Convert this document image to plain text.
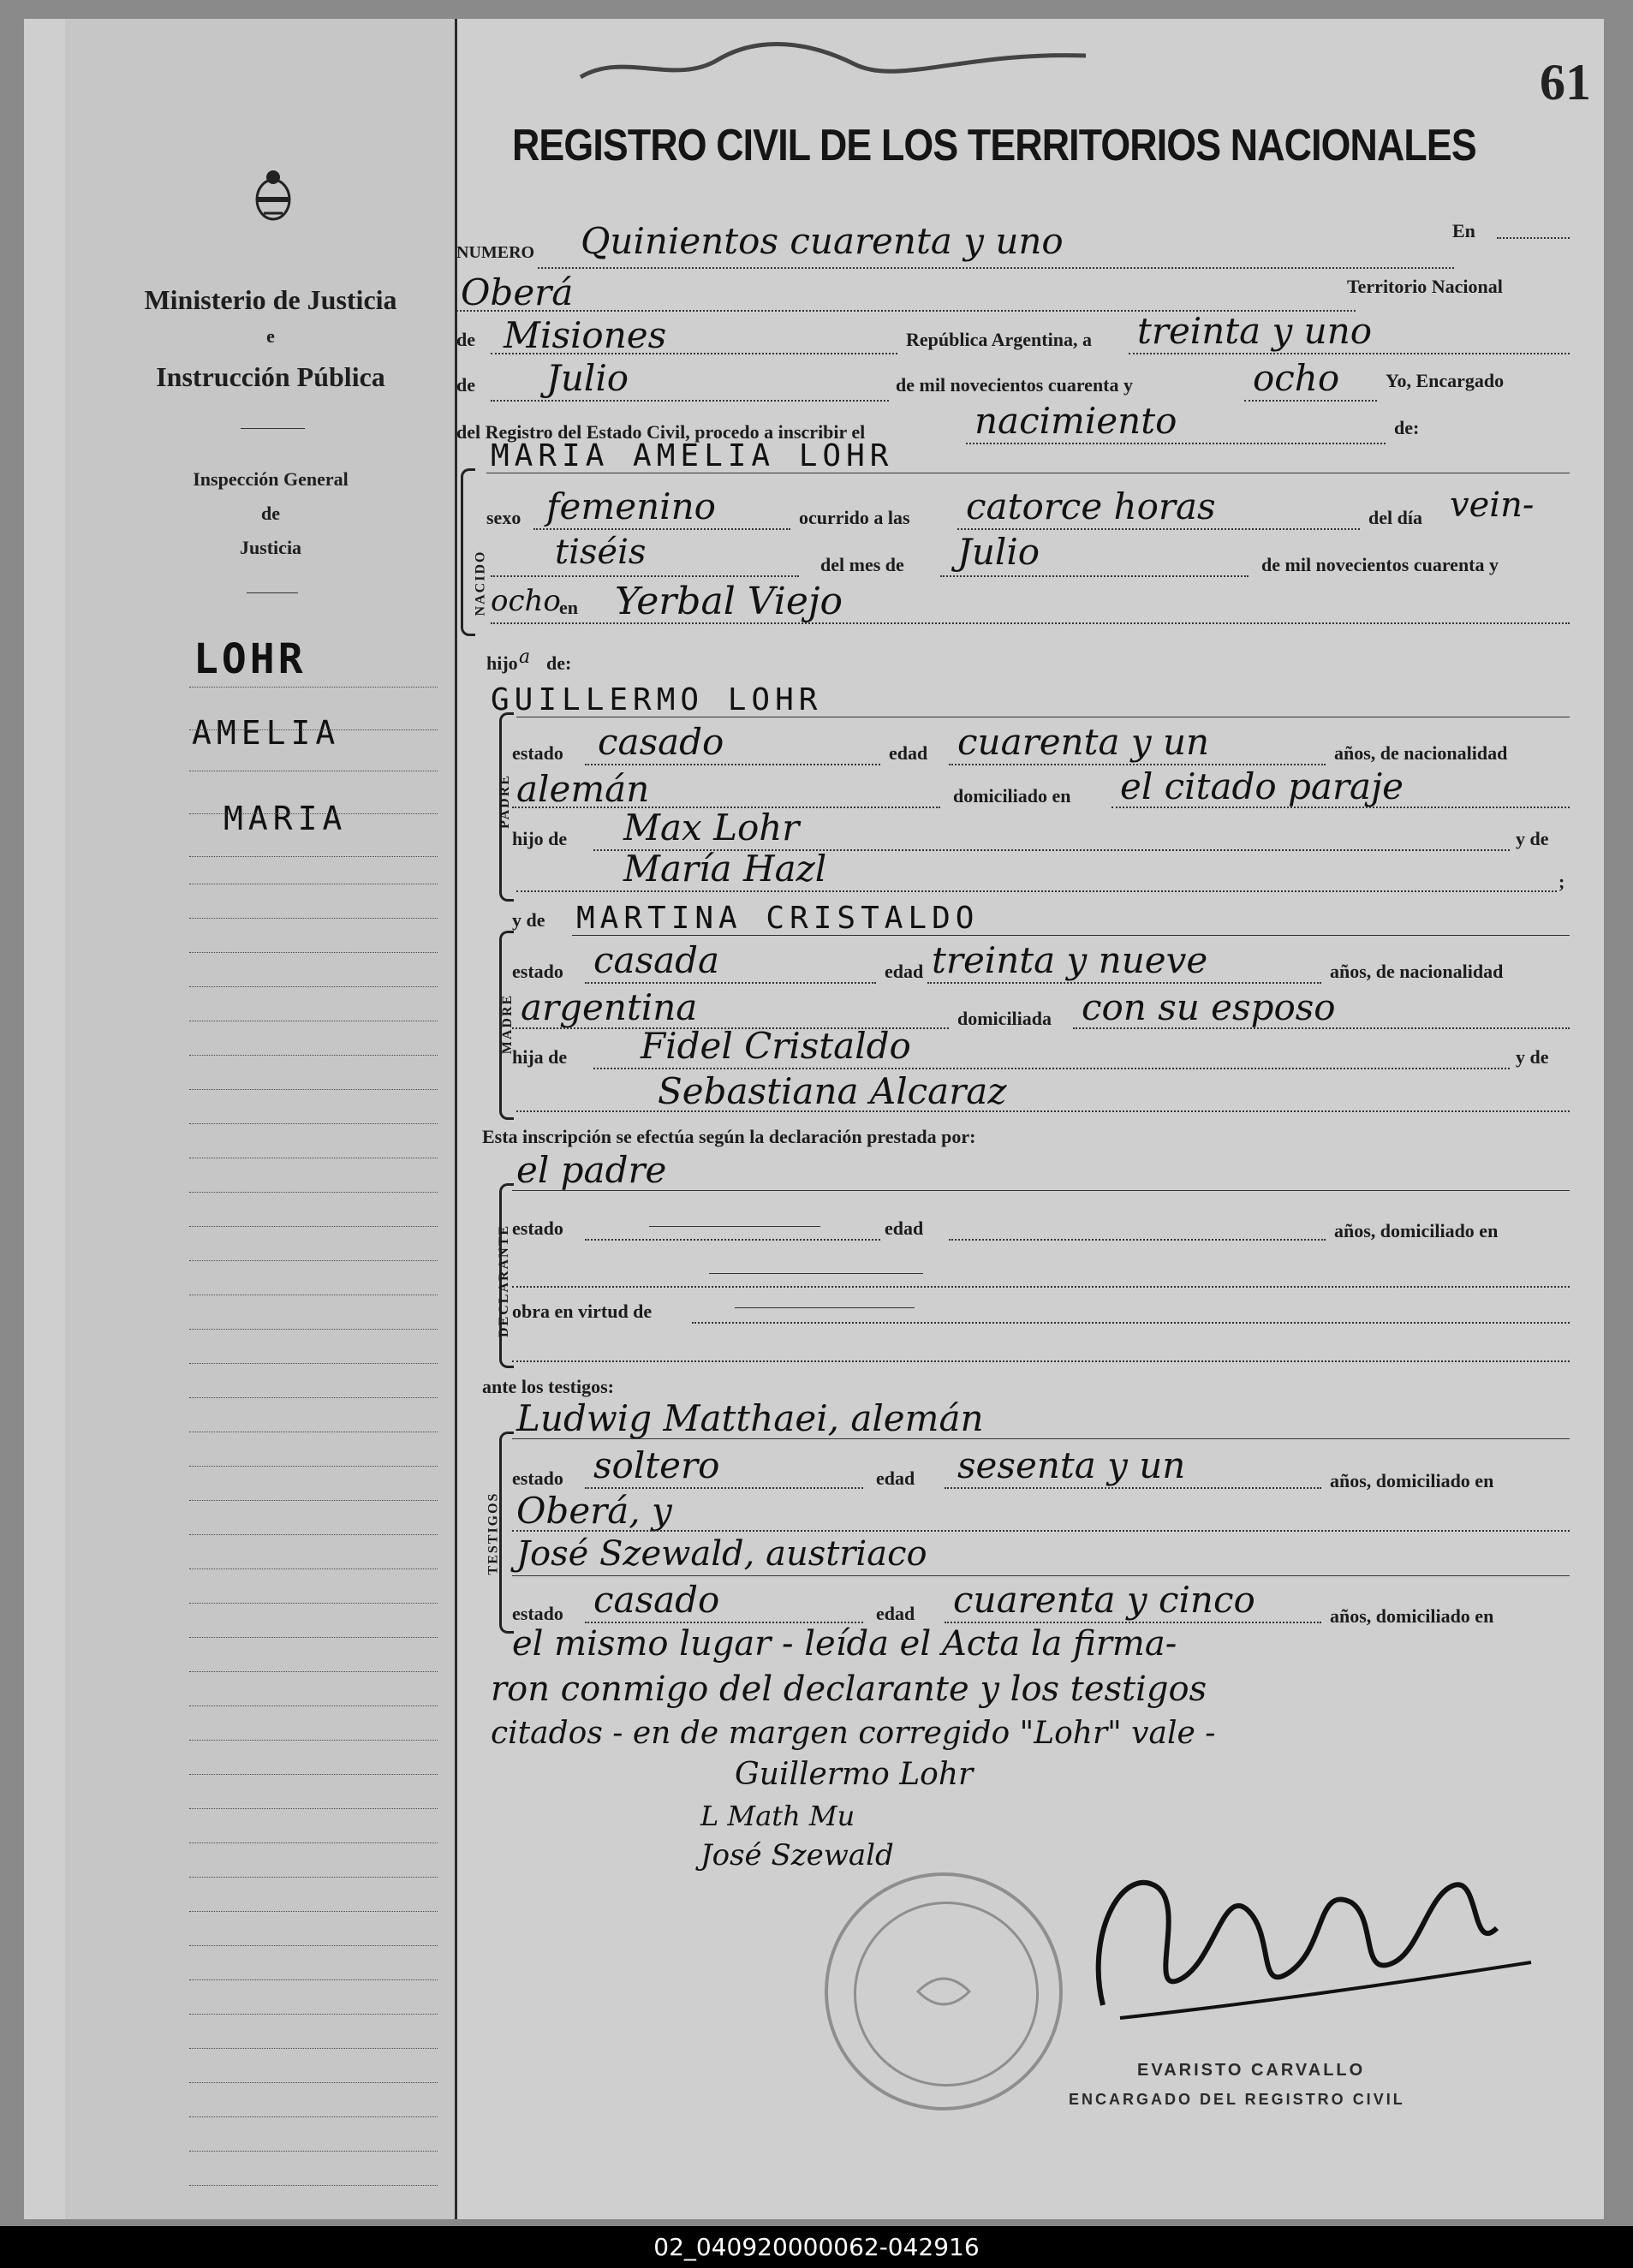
Ministerio de Justicia
e
Instrucción Pública
Inspección General
de
Justicia
LOHR
AMELIA
MARIA
61
REGISTRO CIVIL DE LOS TERRITORIOS NACIONALES
NUMERO Quinientos cuarenta y uno	En
Oberá	Territorio Nacional
de Misiones	República Argentina, a treinta y uno
de Julio	de mil novecientos cuarenta y	ocho Yo, Encargado
del Registro del Estado Civil, procedo a inscribir el	nacimiento	de:
NACIDO
MARIA AMELIA LOHR
sexo femenino	ocurrido a las catorce horas	del día vein-
tiséis	del mes de Julio	de mil novecientos cuarenta y
ocho
en Yerbal Viejo
hijo a de:
PADRE
GUILLERMO LOHR
estado casado	edad cuarenta y un	años, de nacionalidad
alemán	domiciliado en el citado paraje
hijo de Max Lohr	y de
María Hazl	;
MADRE
y de MARTINA CRISTALDO
estado casada	edad treinta y nueve	años, de nacionalidad
argentina	domiciliada con su esposo
hija de Fidel Cristaldo	y de
Sebastiana Alcaraz
Esta inscripción se efectúa según la declaración prestada por:
DECLARANTE
el padre
estado	edad	años, domiciliado en
obra en virtud de
ante los testigos:
TESTIGOS
Ludwig Matthaei, alemán
estado soltero	edad sesenta y un	años, domiciliado en
Oberá, y
José Szewald, austriaco
estado casado	edad cuarenta y cinco	años, domiciliado en
el mismo lugar - leída el Acta la firma-
ron conmigo del declarante y los testigos
citados - en de margen corregido "Lohr" vale -
Guillermo Lohr
L Math Mu
José Szewald
EVARISTO CARVALLO
ENCARGADO DEL REGISTRO CIVIL
02_040920000062-042916
